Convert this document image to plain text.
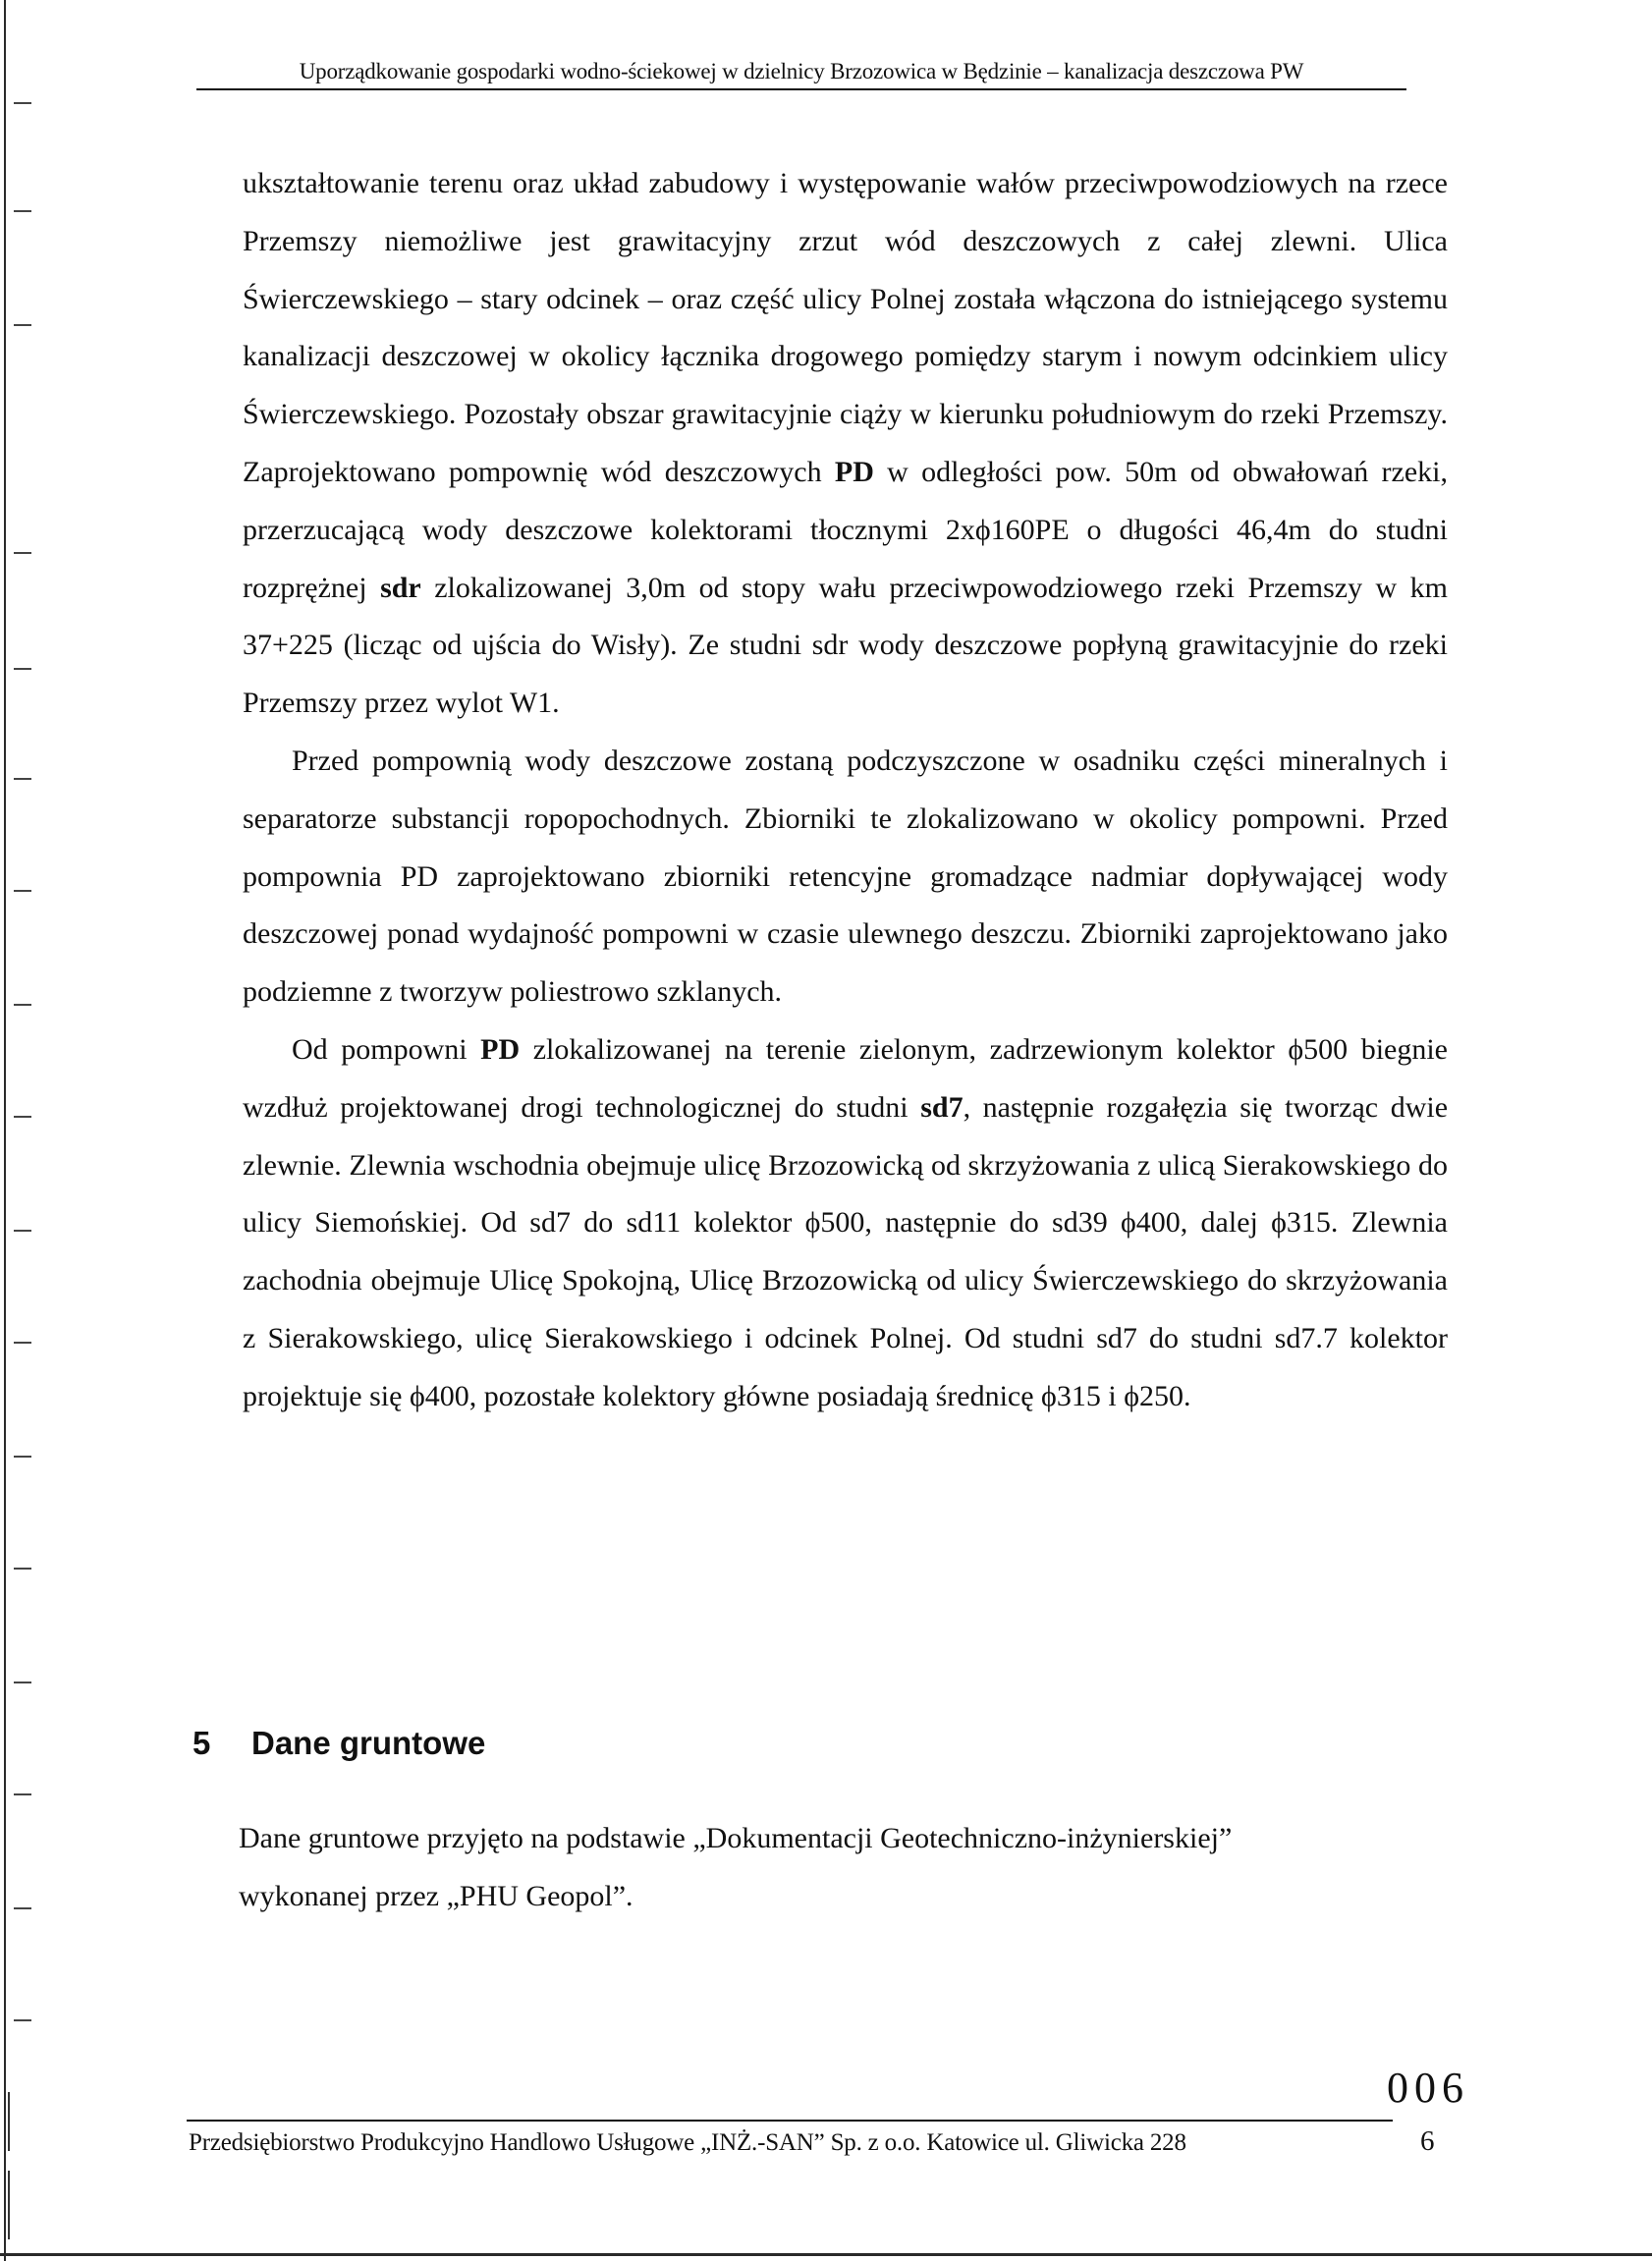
Uporządkowanie gospodarki wodno-ściekowej w dzielnicy Brzozowica w Będzinie – kanalizacja deszczowa PW

ukształtowanie terenu oraz układ zabudowy i występowanie wałów przeciwpowodziowych na rzece Przemszy niemożliwe jest grawitacyjny zrzut wód deszczowych z całej zlewni. Ulica Świerczewskiego – stary odcinek – oraz część ulicy Polnej została włączona do istniejącego systemu kanalizacji deszczowej w okolicy łącznika drogowego pomiędzy starym i nowym odcinkiem ulicy Świerczewskiego. Pozostały obszar grawitacyjnie ciąży w kierunku południowym do rzeki Przemszy. Zaprojektowano pompownię wód deszczowych PD w odległości pow. 50m od obwałowań rzeki, przerzucającą wody deszczowe kolektorami tłocznymi 2xϕ160PE o długości 46,4m do studni rozprężnej sdr zlokalizowanej 3,0m od stopy wału przeciwpowodziowego rzeki Przemszy w km 37+225 (licząc od ujścia do Wisły). Ze studni sdr wody deszczowe popłyną grawitacyjnie do rzeki Przemszy przez wylot W1.

Przed pompownią wody deszczowe zostaną podczyszczone w osadniku części mineralnych i separatorze substancji ropopochodnych. Zbiorniki te zlokalizowano w okolicy pompowni. Przed pompownia PD zaprojektowano zbiorniki retencyjne gromadzące nadmiar dopływającej wody deszczowej ponad wydajność pompowni w czasie ulewnego deszczu. Zbiorniki zaprojektowano jako podziemne z tworzyw poliestrowo szklanych.

Od pompowni PD zlokalizowanej na terenie zielonym, zadrzewionym kolektor ϕ500 biegnie wzdłuż projektowanej drogi technologicznej do studni sd7, następnie rozgałęzia się tworząc dwie zlewnie. Zlewnia wschodnia obejmuje ulicę Brzozowicką od skrzyżowania z ulicą Sierakowskiego do ulicy Siemońskiej. Od sd7 do sd11 kolektor ϕ500, następnie do sd39 ϕ400, dalej ϕ315. Zlewnia zachodnia obejmuje Ulicę Spokojną, Ulicę Brzozowicką od ulicy Świerczewskiego do skrzyżowania z Sierakowskiego, ulicę Sierakowskiego i odcinek Polnej. Od studni sd7 do studni sd7.7 kolektor projektuje się ϕ400, pozostałe kolektory główne posiadają średnicę ϕ315 i ϕ250.

5 Dane gruntowe

Dane gruntowe przyjęto na podstawie „Dokumentacji Geotechniczno-inżynierskiej”

wykonanej przez „PHU Geopol”.

006
Przedsiębiorstwo Produkcyjno Handlowo Usługowe „INŻ.-SAN” Sp. z o.o. Katowice ul. Gliwicka 228	6
